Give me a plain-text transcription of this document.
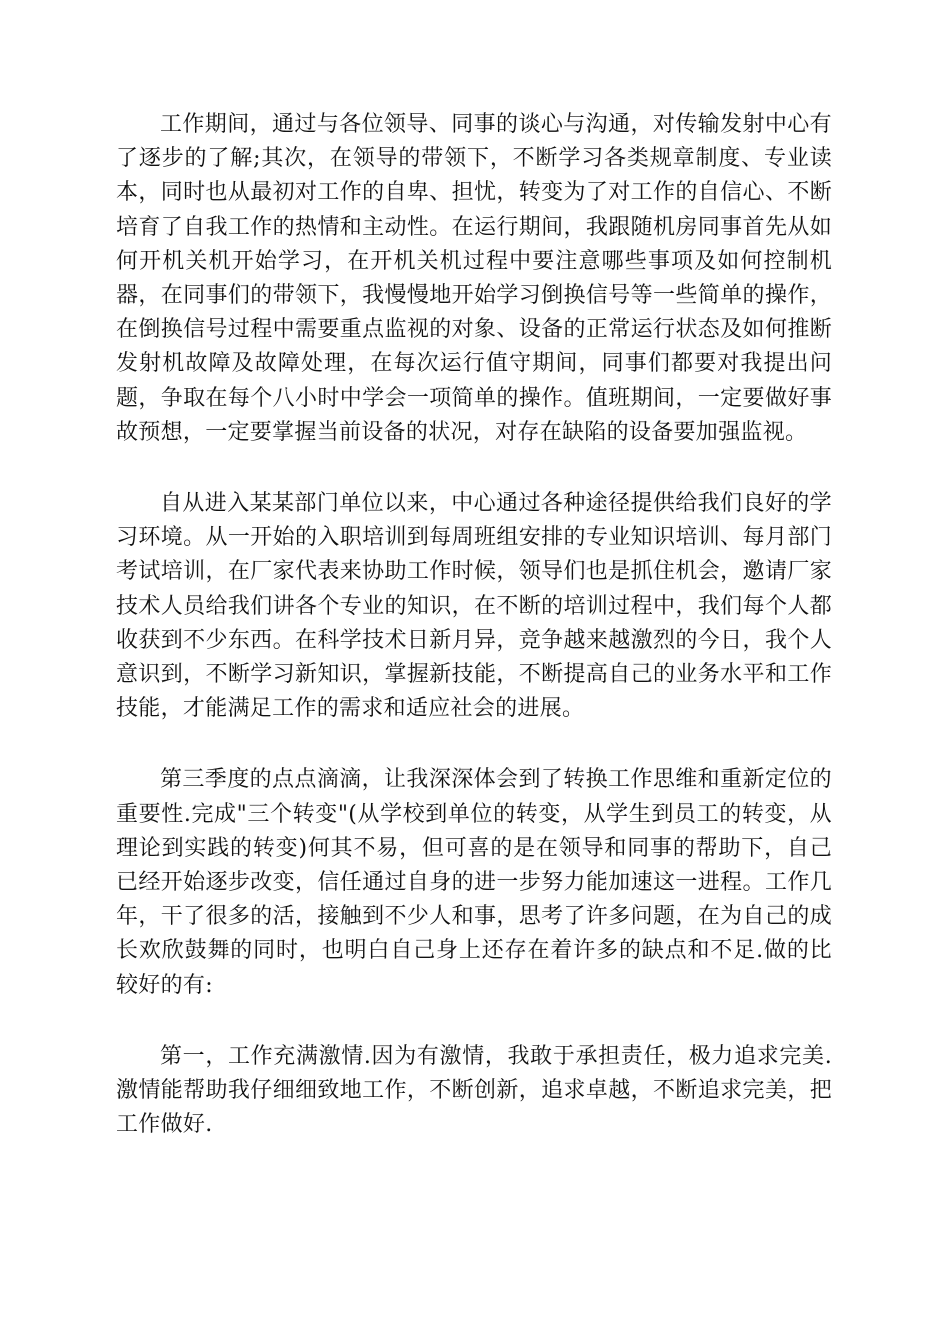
工作期间，通过与各位领导、同事的谈心与沟通，对传输发射中心有了逐步的了解;其次，在领导的带领下，不断学习各类规章制度、专业读本，同时也从最初对工作的自卑、担忧，转变为了对工作的自信心、不断培育了自我工作的热情和主动性。在运行期间，我跟随机房同事首先从如何开机关机开始学习，在开机关机过程中要注意哪些事项及如何控制机器，在同事们的带领下，我慢慢地开始学习倒换信号等一些简单的操作，在倒换信号过程中需要重点监视的对象、设备的正常运行状态及如何推断发射机故障及故障处理，在每次运行值守期间，同事们都要对我提出问题，争取在每个八小时中学会一项简单的操作。值班期间，一定要做好事故预想，一定要掌握当前设备的状况，对存在缺陷的设备要加强监视。

自从进入某某部门单位以来，中心通过各种途径提供给我们良好的学习环境。从一开始的入职培训到每周班组安排的专业知识培训、每月部门考试培训，在厂家代表来协助工作时候，领导们也是抓住机会，邀请厂家技术人员给我们讲各个专业的知识，在不断的培训过程中，我们每个人都收获到不少东西。在科学技术日新月异，竞争越来越激烈的今日，我个人意识到，不断学习新知识，掌握新技能，不断提高自己的业务水平和工作技能，才能满足工作的需求和适应社会的进展。

第三季度的点点滴滴，让我深深体会到了转换工作思维和重新定位的重要性.完成"三个转变"(从学校到单位的转变，从学生到员工的转变，从理论到实践的转变)何其不易，但可喜的是在领导和同事的帮助下，自己已经开始逐步改变，信任通过自身的进一步努力能加速这一进程。工作几年，干了很多的活，接触到不少人和事，思考了许多问题，在为自己的成长欢欣鼓舞的同时，也明白自己身上还存在着许多的缺点和不足.做的比较好的有:

第一，工作充满激情.因为有激情，我敢于承担责任，极力追求完美.激情能帮助我仔细细致地工作，不断创新，追求卓越，不断追求完美，把工作做好.
